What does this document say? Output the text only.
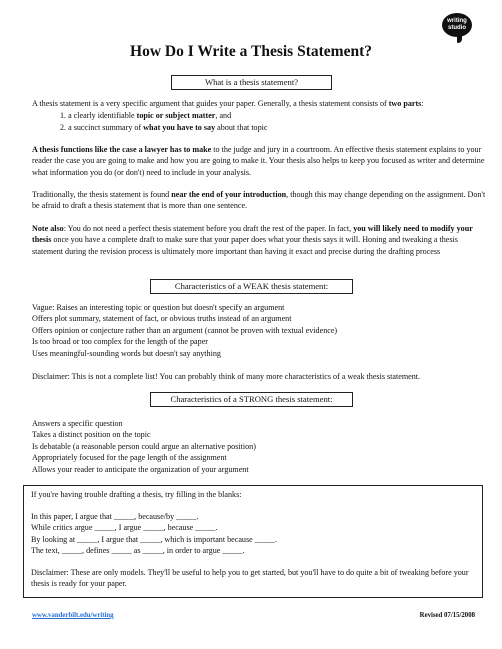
writing
studio
How Do I Write a Thesis Statement?
What is a thesis statement?

A thesis statement is a very specific argument that guides your paper. Generally, a thesis statement consists of two parts:

1. a clearly identifiable topic or subject matter, and

2. a succinct summary of what you have to say about that topic

A thesis functions like the case a lawyer has to make to the judge and jury in a courtroom. An effective thesis statement explains to your reader the case you are going to make and how you are going to make it. Your thesis also helps to keep you focused as writer and determine what information you do (or don't) need to include in your analysis.

Traditionally, the thesis statement is found near the end of your introduction, though this may change depending on the assignment. Don't be afraid to draft a thesis statement that is more than one sentence.

Note also: You do not need a perfect thesis statement before you draft the rest of the paper. In fact, you will likely need to modify your thesis once you have a complete draft to make sure that your paper does what your thesis says it will. Honing and tweaking a thesis statement during the revision process is ultimately more important than having it exact and precise during the drafting process

Characteristics of a WEAK thesis statement:
Vague: Raises an interesting topic or question but doesn't specify an argument
Offers plot summary, statement of fact, or obvious truths instead of an argument
Offers opinion or conjecture rather than an argument (cannot be proven with textual evidence)
Is too broad or too complex for the length of the paper
Uses meaningful-sounding words but doesn't say anything

Disclaimer: This is not a complete list! You can probably think of many more characteristics of a weak thesis statement.

Characteristics of a STRONG thesis statement:
Answers a specific question
Takes a distinct position on the topic
Is debatable (a reasonable person could argue an alternative position)
Appropriately focused for the page length of the assignment
Allows your reader to anticipate the organization of your argument

If you're having trouble drafting a thesis, try filling in the blanks:

In this paper, I argue that _____, because/by _____.
While critics argue _____, I argue _____, because _____.
By looking at _____, I argue that _____, which is important because _____.
The text, _____, defines _____ as _____, in order to argue _____.

Disclaimer: These are only models. They'll be useful to help you to get started, but you'll have to do quite a bit of tweaking before your thesis is ready for your paper.

www.vanderbilt.edu/writing	Revised 07/15/2008
